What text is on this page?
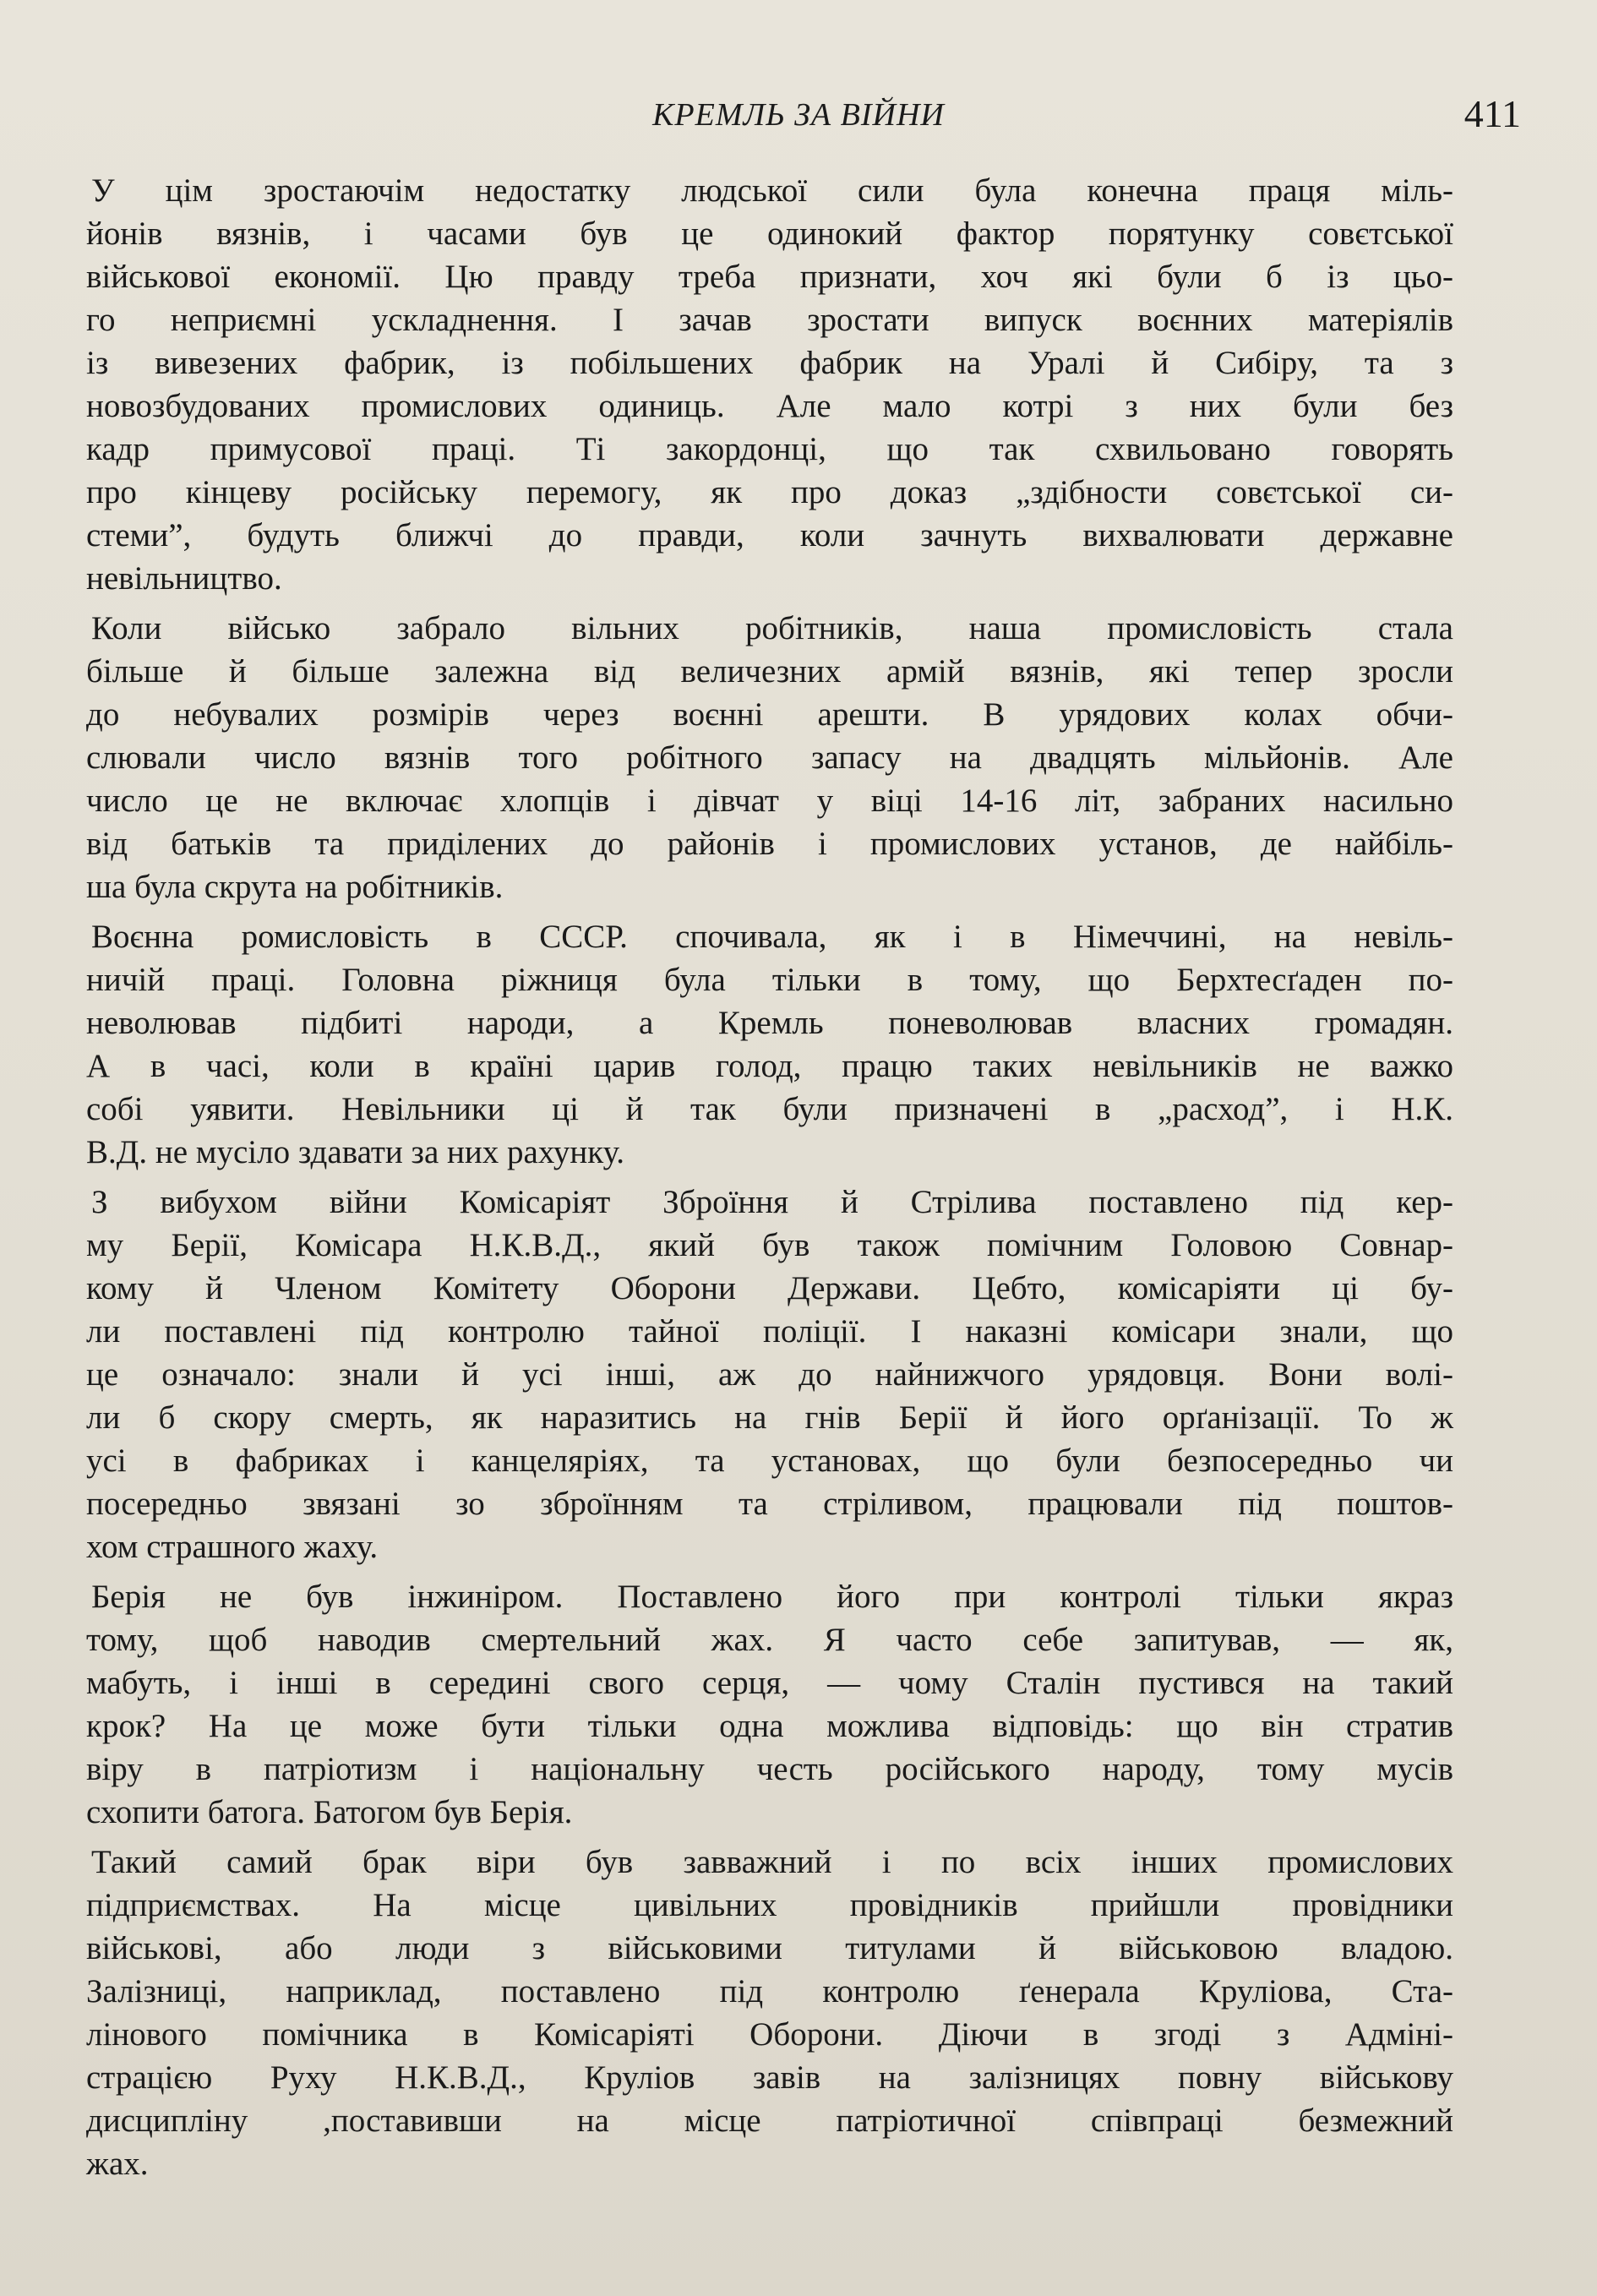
КРЕМЛЬ ЗА ВІЙНИ	411
У цім зростаючім недостатку людської сили була конечна праця міль-
йонів вязнів, і часами був це одинокий фактор порятунку совєтської
військової економії. Цю правду треба признати, хоч які були б із цьо-
го неприємні ускладнення. І зачав зростати випуск воєнних матеріялів
із вивезених фабрик, із побільшених фабрик на Уралі й Сибіру, та з
новозбудованих промислових одиниць. Але мало котрі з них були без
кадр примусової праці. Ті закордонці, що так схвильовано говорять
про кінцеву російську перемогу, як про доказ „здібности совєтської си-
стеми”, будуть ближчі до правди, коли зачнуть вихвалювати державне
невільництво.
Коли військо забрало вільних робітників, наша промисловість стала
більше й більше залежна від величезних армій вязнів, які тепер зросли
до небувалих розмірів через воєнні арешти. В урядових колах обчи-
слювали число вязнів того робітного запасу на двадцять мільйонів. Але
число це не включає хлопців і дівчат у віці 14-16 літ, забраних насильно
від батьків та приділених до районів і промислових установ, де найбіль-
ша була скрута на робітників.
Воєнна ромисловість в СССР. спочивала, як і в Німеччині, на невіль-
ничій праці. Головна ріжниця була тільки в тому, що Берхтесґаден по-
неволював підбиті народи, а Кремль поневолював власних громадян.
А в часі, коли в країні царив голод, працю таких невільників не важко
собі уявити. Невільники ці й так були призначені в „расход”, і Н.К.
В.Д. не мусіло здавати за них рахунку.
З вибухом війни Комісаріят Зброїння й Стрілива поставлено під кер-
му Берії, Комісара Н.К.В.Д., який був також помічним Головою Совнар-
кому й Членом Комітету Оборони Держави. Цебто, комісаріяти ці бу-
ли поставлені під контролю тайної поліції. І наказні комісари знали, що
це означало: знали й усі інші, аж до найнижчого урядовця. Вони волі-
ли б скору смерть, як наразитись на гнів Берії й його орґанізації. То ж
усі в фабриках і канцеляріях, та установах, що були безпосередньо чи
посередньо звязані зо зброїнням та стріливом, працювали під поштов-
хом страшного жаху.
Берія не був інжиніром. Поставлено його при контролі тільки якраз
тому, щоб наводив смертельний жах. Я часто себе запитував, — як,
мабуть, і інші в середині свого серця, — чому Сталін пустився на такий
крок? На це може бути тільки одна можлива відповідь: що він стратив
віру в патріотизм і національну честь російського народу, тому мусів
схопити батога. Батогом був Берія.
Такий самий брак віри був завважний і по всіх інших промислових
підприємствах. На місце цивільних провідників прийшли провідники
військові, або люди з військовими титулами й військовою владою.
Залізниці, наприклад, поставлено під контролю ґенерала Круліова, Ста-
лінового помічника в Комісаріяті Оборони. Діючи в згоді з Адміні-
страцією Руху Н.К.В.Д., Круліов завів на залізницях повну військову
дисципліну ,поставивши на місце патріотичної співпраці безмежний
жах.
